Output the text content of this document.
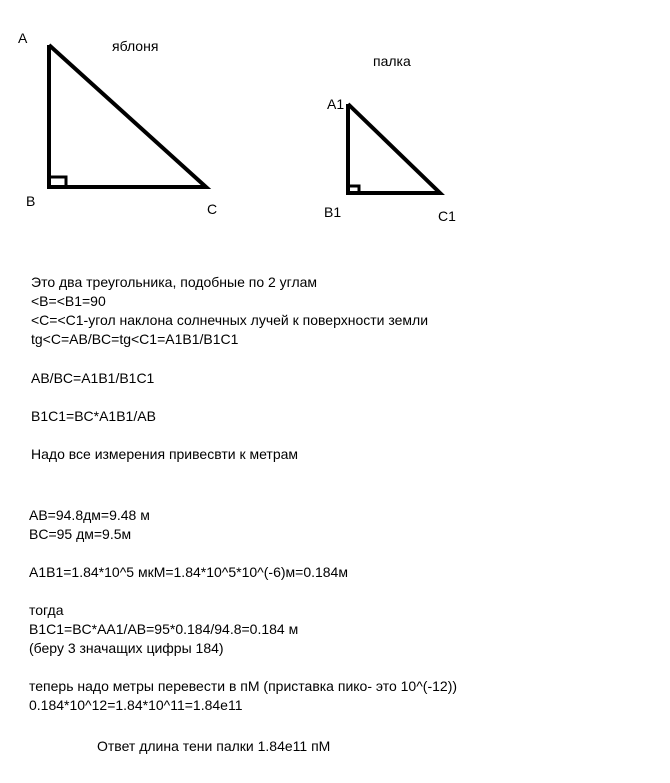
A
B	C
яблоня
A1
B1	C1
палка
Это два треугольника, подобные по 2 углам
<B=<B1=90
<C=<C1-угол наклона солнечных лучей к поверхности земли
tg<C=AB/BC=tg<C1=A1B1/B1C1
AB/BC=A1B1/B1C1
B1C1=BC*A1B1/AB
Надо все измерения привесвти к метрам
AB=94.8дм=9.48 м
BC=95 дм=9.5м
A1B1=1.84*10^5 мкМ=1.84*10^5*10^(-6)м=0.184м
тогда
B1C1=BC*AA1/AB=95*0.184/94.8=0.184 м
(беру 3 значащих цифры 184)
теперь надо метры перевести в пМ (приставка пико- это 10^(-12))
0.184*10^12=1.84*10^11=1.84e11
Ответ длина тени палки 1.84e11 пМ
